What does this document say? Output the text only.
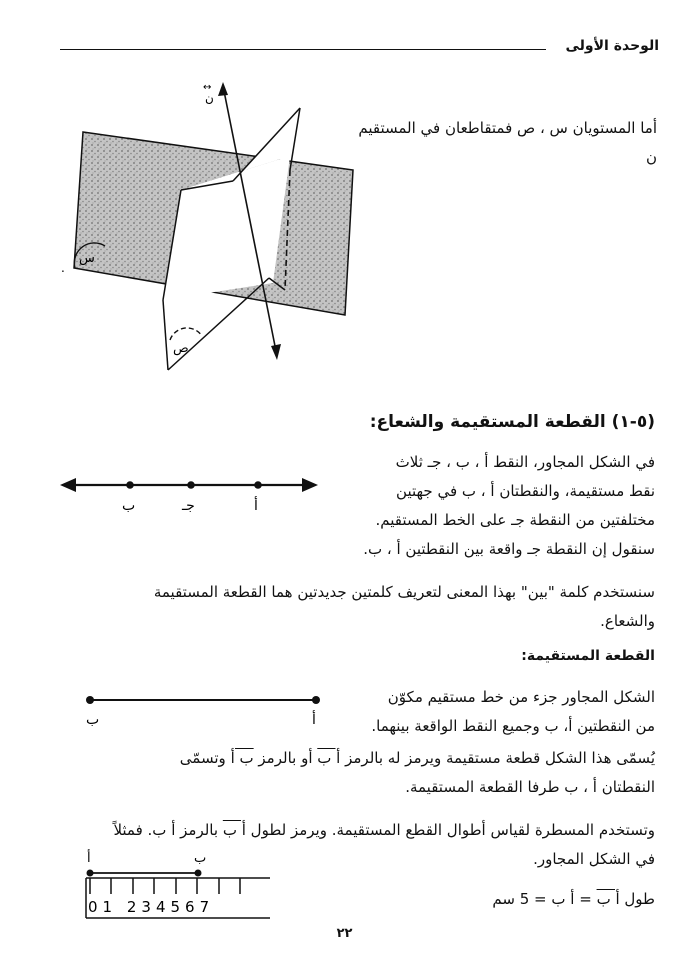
الوحدة الأولى
س
ص
ن
↔
.
أما المستويان س ، ص فمتقاطعان في المستقيم ن
(٥-١) القطعة المستقيمة والشعاع:
في الشكل المجاور، النقط أ ، ب ، جـ ثلاث
نقط مستقيمة، والنقطتان أ ، ب في جهتين
مختلفتين من النقطة جـ على الخط المستقيم.
سنقول إن النقطة جـ واقعة بين النقطتين أ ، ب.
ب	جـ	أ
سنستخدم كلمة "بين" بهذا المعنى لتعريف كلمتين جديدتين هما القطعة المستقيمة
والشعاع.
القطعة المستقيمة:
الشكل المجاور جزء من خط مستقيم مكوّن
من النقطتين أ، ب وجميع النقط الواقعة بينهما.
ب	أ
يُسمّى هذا الشكل قطعة مستقيمة ويرمز له بالرمز أ ب أو بالرمز ب أ وتسمّى
النقطتان أ ، ب طرفا القطعة المستقيمة.
وتستخدم المسطرة لقياس أطوال القطع المستقيمة. ويرمز لطول أ ب بالرمز أ ب. فمثلاً
في الشكل المجاور.
أ	ب
01 234567	طول أ ب = أ ب = 5 سم
٢٢
